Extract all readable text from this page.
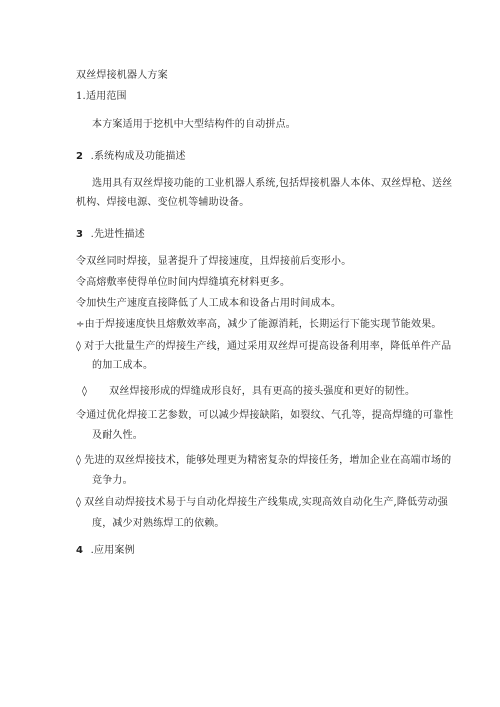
双丝焊接机器人方案
1.适用范围
本方案适用于挖机中大型结构件的自动拼点。
2 .系统构成及功能描述
选用具有双丝焊接功能的工业机器人系统,包括焊接机器人本体、双丝焊枪、送丝
机构、焊接电源、变位机等辅助设备。
3 .先进性描述
令双丝同时焊接，显著提升了焊接速度，且焊接前后变形小。
令高熔敷率使得单位时间内焊缝填充材料更多。
令加快生产速度直接降低了人工成本和设备占用时间成本。
÷由于焊接速度快且熔敷效率高，减少了能源消耗，长期运行下能实现节能效果。
◊ 对于大批量生产的焊接生产线，通过采用双丝焊可提高设备利用率，降低单件产品
的加工成本。
◊ 双丝焊接形成的焊缝成形良好，具有更高的接头强度和更好的韧性。
令通过优化焊接工艺参数，可以减少焊接缺陷，如裂纹、气孔等，提高焊缝的可靠性
及耐久性。
◊ 先进的双丝焊接技术，能够处理更为精密复杂的焊接任务，增加企业在高端市场的
竞争力。
◊ 双丝自动焊接技术易于与自动化焊接生产线集成,实现高效自动化生产,降低劳动强
度，减少对熟练焊工的依赖。
4 .应用案例
